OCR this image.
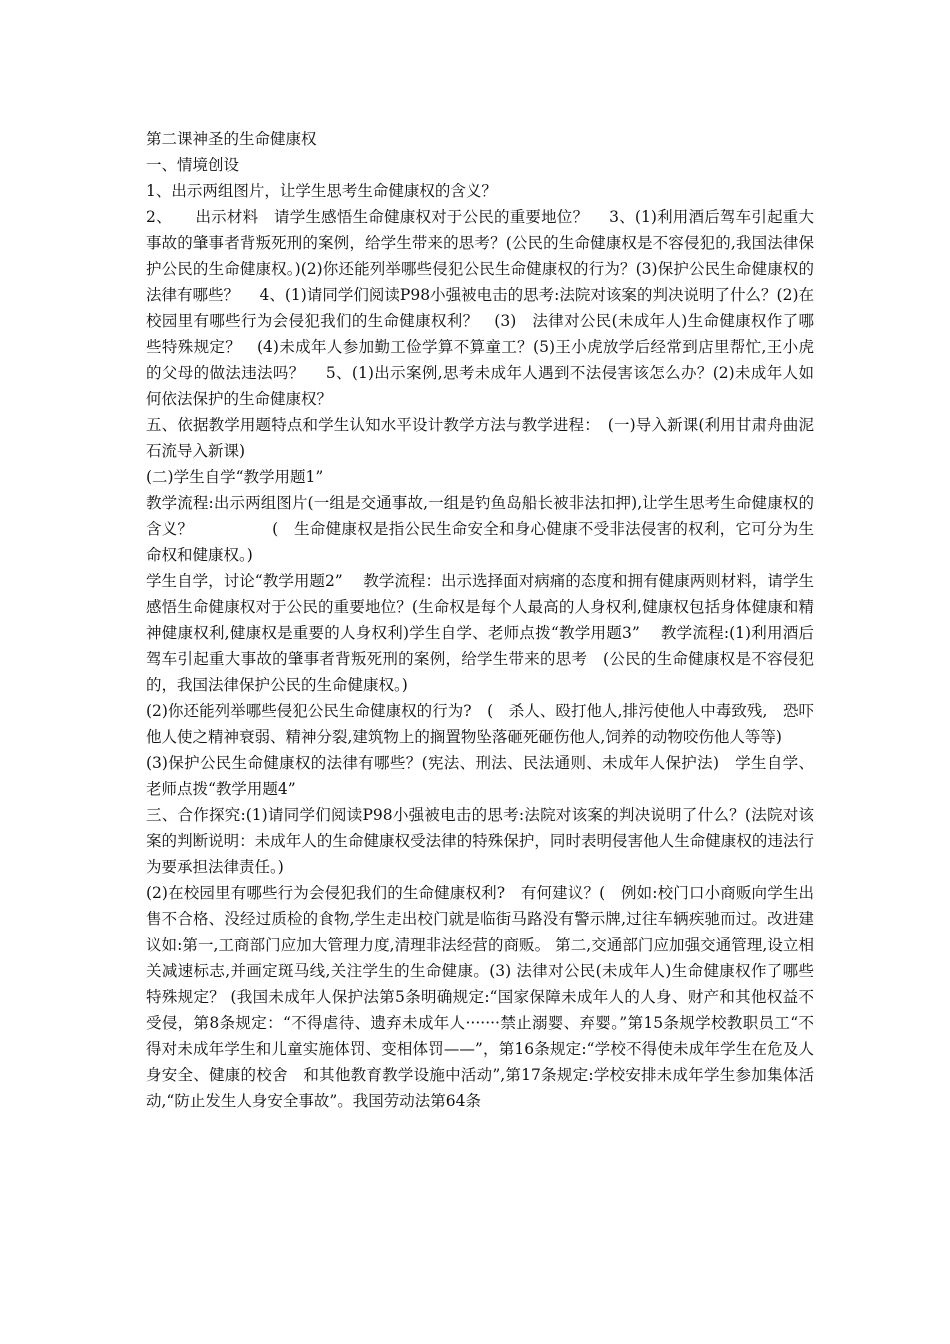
第二课神圣的生命健康权

一、情境创设

1、出示两组图片，让学生思考生命健康权的含义？

2、　　出示材料　请学生感悟生命健康权对于公民的重要地位？　 3、(1)利用酒后驾车引起重大事故的肇事者背叛死刑的案例，给学生带来的思考？(公民的生命健康权是不容侵犯的,我国法律保护公民的生命健康权。)(2)你还能列举哪些侵犯公民生命健康权的行为？(3)保护公民生命健康权的法律有哪些？　 4、(1)请同学们阅读P98小强被电击的思考:法院对该案的判决说明了什么？(2)在校园里有哪些行为会侵犯我们的生命健康权利？　(3)　法律对公民(未成年人)生命健康权作了哪些特殊规定？　(4)未成年人参加勤工俭学算不算童工？(5)王小虎放学后经常到店里帮忙,王小虎的父母的做法违法吗？　 5、(1)出示案例,思考未成年人遇到不法侵害该怎么办？(2)未成年人如何依法保护的生命健康权？

五、依据教学用题特点和学生认知水平设计教学方法与教学进程：　(一)导入新课(利用甘肃舟曲泥石流导入新课)

(二)学生自学“教学用题1”

教学流程:出示两组图片(一组是交通事故,一组是钓鱼岛船长被非法扣押),让学生思考生命健康权的含义？　　　　　(　生命健康权是指公民生命安全和身心健康不受非法侵害的权利，它可分为生命权和健康权。)

学生自学，讨论“教学用题2”　 教学流程：出示选择面对病痛的态度和拥有健康两则材料，请学生感悟生命健康权对于公民的重要地位？(生命权是每个人最高的人身权利,健康权包括身体健康和精神健康权利,健康权是重要的人身权利)学生自学、老师点拨“教学用题3”　 教学流程:(1)利用酒后驾车引起重大事故的肇事者背叛死刑的案例，给学生带来的思考　(公民的生命健康权是不容侵犯的，我国法律保护公民的生命健康权。)

(2)你还能列举哪些侵犯公民生命健康权的行为?　(　杀人、殴打他人,排污使他人中毒致残,　恐吓他人使之精神衰弱、精神分裂,建筑物上的搁置物坠落砸死砸伤他人,饲养的动物咬伤他人等等)

(3)保护公民生命健康权的法律有哪些？(宪法、刑法、民法通则、未成年人保护法)　学生自学、老师点拨“教学用题4”

三、合作探究:(1)请同学们阅读P98小强被电击的思考:法院对该案的判决说明了什么？(法院对该案的判断说明：未成年人的生命健康权受法律的特殊保护，同时表明侵害他人生命健康权的违法行为要承担法律责任。)

(2)在校园里有哪些行为会侵犯我们的生命健康权利?　有何建议？(　例如:校门口小商贩向学生出售不合格、没经过质检的食物,学生走出校门就是临街马路没有警示牌,过往车辆疾驰而过。改进建议如:第一,工商部门应加大管理力度,清理非法经营的商贩。 第二,交通部门应加强交通管理,设立相关减速标志,并画定斑马线,关注学生的生命健康。(3) 法律对公民(未成年人)生命健康权作了哪些特殊规定？ (我国未成年人保护法第5条明确规定:“国家保障未成年人的人身、财产和其他权益不受侵，第8条规定：“不得虐待、遗弃未成年人·······禁止溺婴、弃婴。”第15条规学校教职员工“不得对未成年学生和儿童实施体罚、变相体罚——”，第16条规定:“学校不得使未成年学生在危及人身安全、健康的校舍　和其他教育教学设施中活动”,第17条规定:学校安排未成年学生参加集体活动,“防止发生人身安全事故”。我国劳动法第64条
